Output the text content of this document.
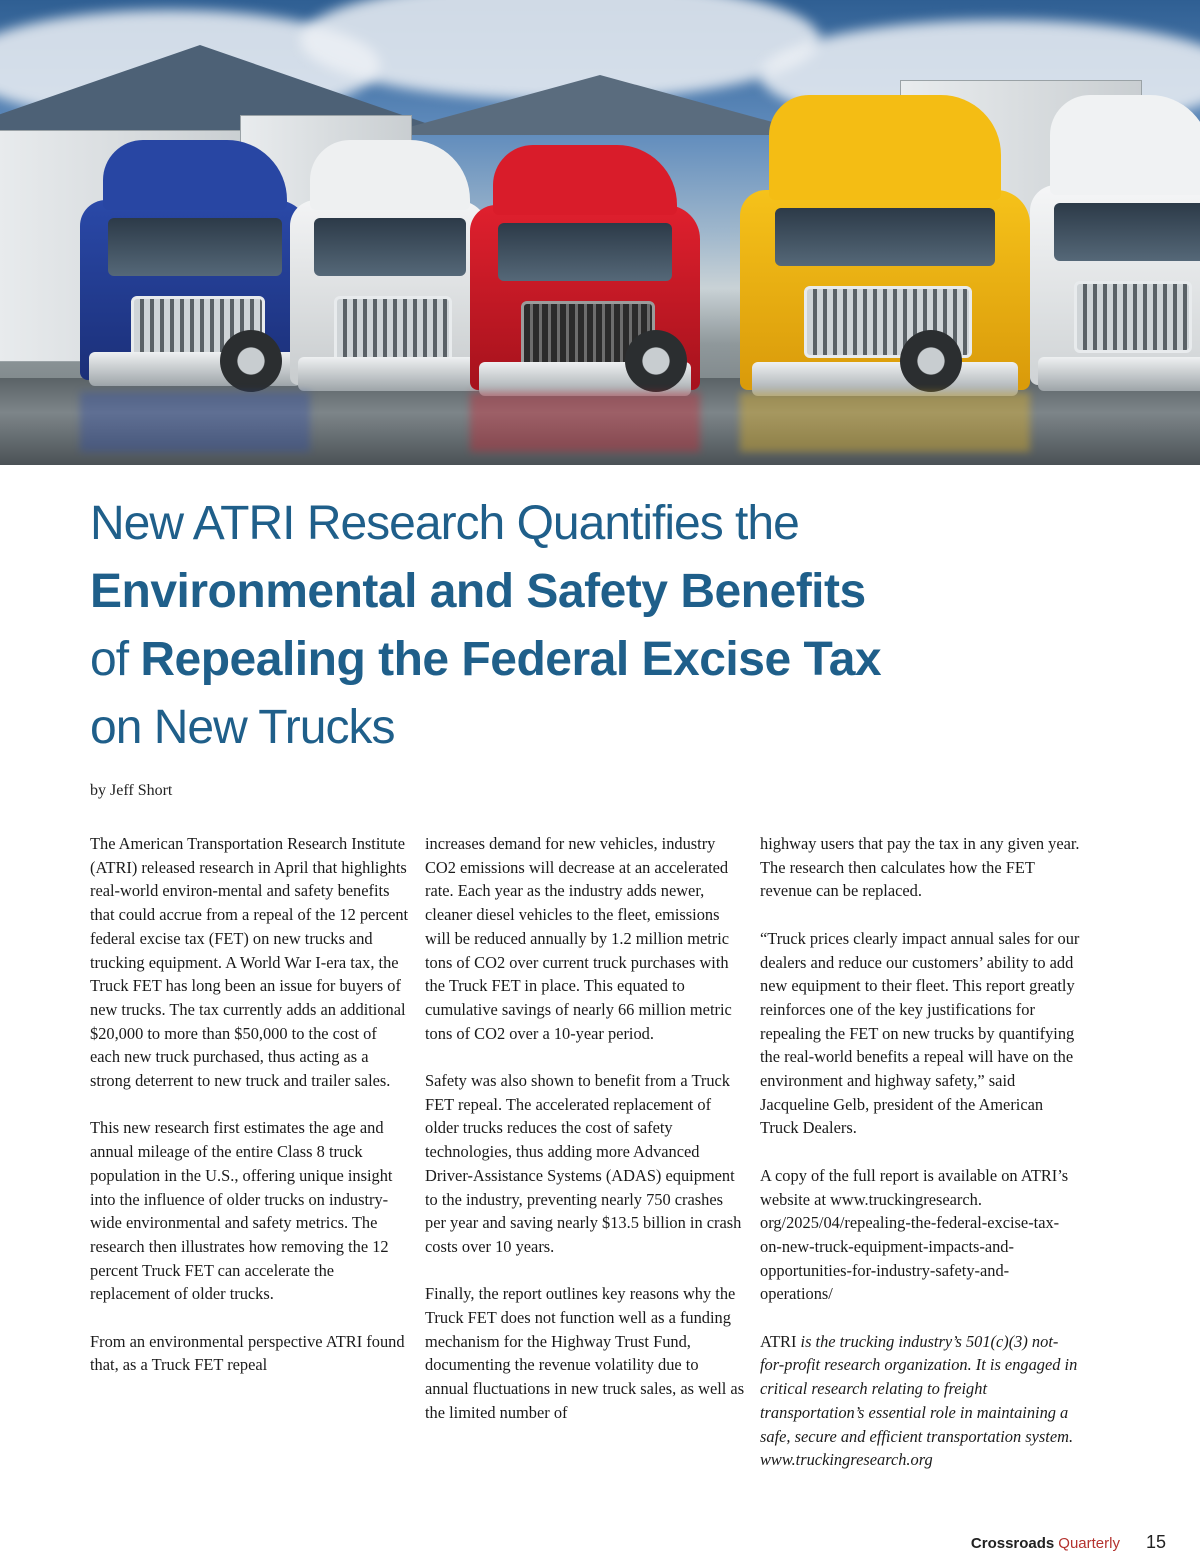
New ATRI Research Quantifies the
Environmental and Safety Benefits
of Repealing the Federal Excise Tax
on New Trucks
by Jeff Short

The American Transportation Research Institute (ATRI) released research in April that highlights real-world environ-mental and safety benefits that could accrue from a repeal of the 12 percent federal excise tax (FET) on new trucks and trucking equipment. A World War I-era tax, the Truck FET has long been an issue for buyers of new trucks. The tax currently adds an additional $20,000 to more than $50,000 to the cost of each new truck purchased, thus acting as a strong deterrent to new truck and trailer sales.

This new research first estimates the age and annual mileage of the entire Class 8 truck population in the U.S., offering unique insight into the influence of older trucks on industry-wide environmental and safety metrics. The research then illustrates how removing the 12 percent Truck FET can accelerate the replacement of older trucks.

From an environmental perspective ATRI found that, as a Truck FET repeal

increases demand for new vehicles, industry CO2 emissions will decrease at an accelerated rate. Each year as the industry adds newer, cleaner diesel vehicles to the fleet, emissions will be reduced annually by 1.2 million metric tons of CO2 over current truck purchases with the Truck FET in place. This equated to cumulative savings of nearly 66 million metric tons of CO2 over a 10-year period.

Safety was also shown to benefit from a Truck FET repeal. The accelerated replacement of older trucks reduces the cost of safety technologies, thus adding more Advanced Driver-Assistance Systems (ADAS) equipment to the industry, preventing nearly 750 crashes per year and saving nearly $13.5 billion in crash costs over 10 years.

Finally, the report outlines key reasons why the Truck FET does not function well as a funding mechanism for the Highway Trust Fund, documenting the revenue volatility due to annual fluctuations in new truck sales, as well as the limited number of

highway users that pay the tax in any given year. The research then calculates how the FET revenue can be replaced.

“Truck prices clearly impact annual sales for our dealers and reduce our customers’ ability to add new equipment to their fleet. This report greatly reinforces one of the key justifications for repealing the FET on new trucks by quantifying the real-world benefits a repeal will have on the environment and highway safety,” said Jacqueline Gelb, president of the American Truck Dealers.

A copy of the full report is available on ATRI’s website at www.truckingresearch. org/2025/04/repealing-the-federal-excise-tax-on-new-truck-equipment-impacts-and-opportunities-for-industry-safety-and-operations/

ATRI is the trucking industry’s 501(c)(3) not-for-profit research organization. It is engaged in critical research relating to freight transportation’s essential role in maintaining a safe, secure and efficient transportation system. www.truckingresearch.org

Crossroads Quarterly 15
